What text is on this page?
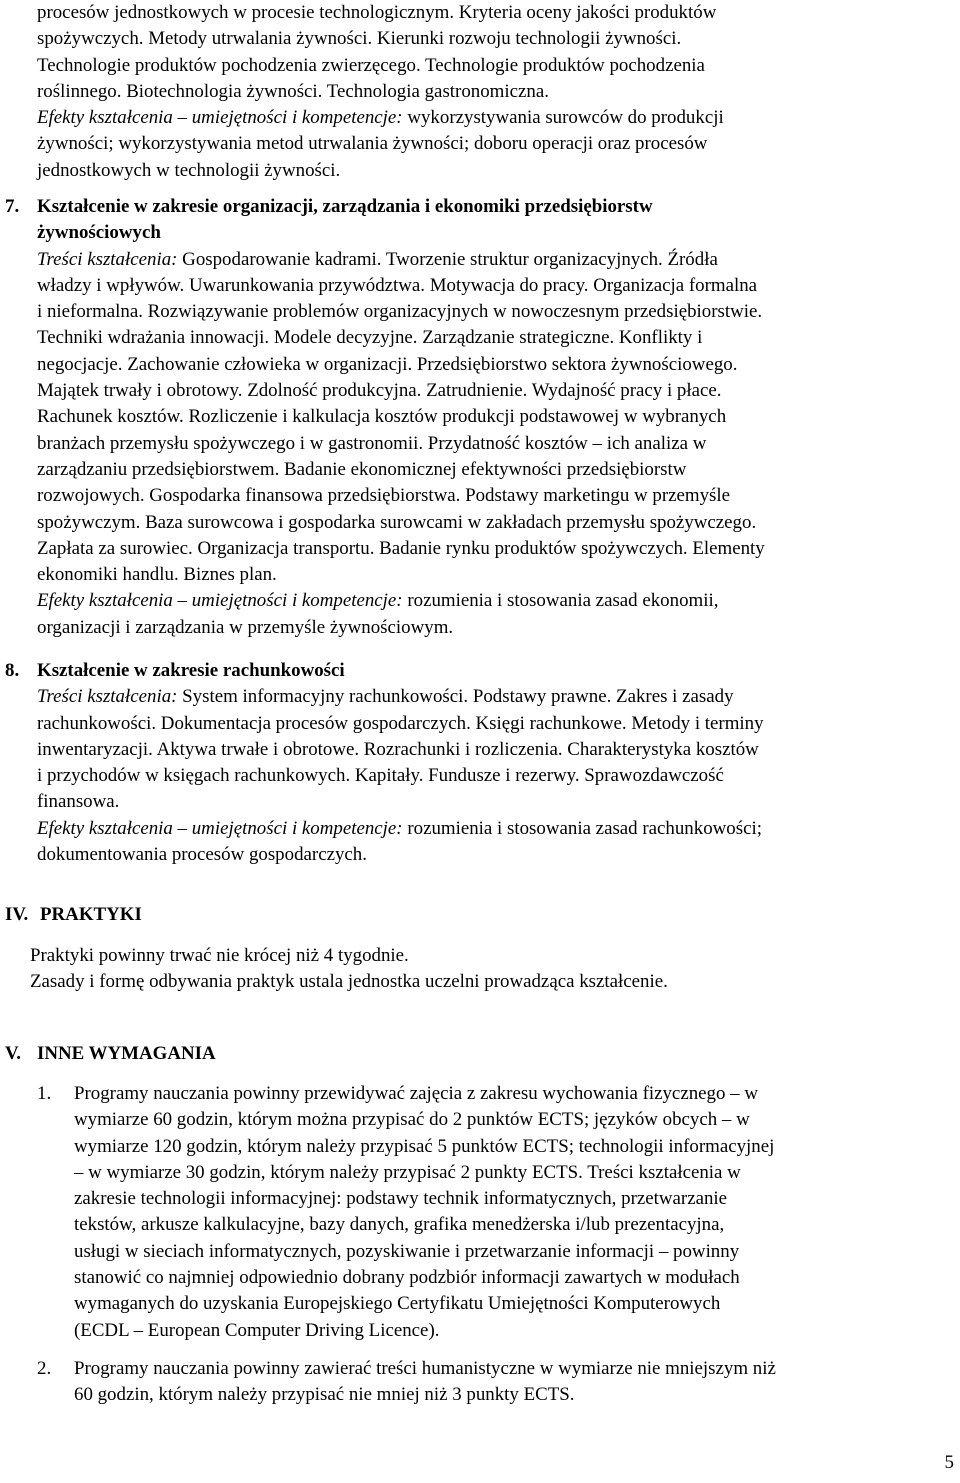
procesów jednostkowych w procesie technologicznym. Kryteria oceny jakości produktów
spożywczych. Metody utrwalania żywności. Kierunki rozwoju technologii żywności.
Technologie produktów pochodzenia zwierzęcego. Technologie produktów pochodzenia
roślinnego. Biotechnologia żywności. Technologia gastronomiczna.
Efekty kształcenia – umiejętności i kompetencje: wykorzystywania surowców do produkcji
żywności; wykorzystywania metod utrwalania żywności; doboru operacji oraz procesów
jednostkowych w technologii żywności.
7. Kształcenie w zakresie organizacji, zarządzania i ekonomiki przedsiębiorstw
żywnościowych
Treści kształcenia: Gospodarowanie kadrami. Tworzenie struktur organizacyjnych. Źródła
władzy i wpływów. Uwarunkowania przywództwa. Motywacja do pracy. Organizacja formalna
i nieformalna. Rozwiązywanie problemów organizacyjnych w nowoczesnym przedsiębiorstwie.
Techniki wdrażania innowacji. Modele decyzyjne. Zarządzanie strategiczne. Konflikty i
negocjacje. Zachowanie człowieka w organizacji. Przedsiębiorstwo sektora żywnościowego.
Majątek trwały i obrotowy. Zdolność produkcyjna. Zatrudnienie. Wydajność pracy i płace.
Rachunek kosztów. Rozliczenie i kalkulacja kosztów produkcji podstawowej w wybranych
branżach przemysłu spożywczego i w gastronomii. Przydatność kosztów – ich analiza w
zarządzaniu przedsiębiorstwem. Badanie ekonomicznej efektywności przedsiębiorstw
rozwojowych. Gospodarka finansowa przedsiębiorstwa. Podstawy marketingu w przemyśle
spożywczym. Baza surowcowa i gospodarka surowcami w zakładach przemysłu spożywczego.
Zapłata za surowiec. Organizacja transportu. Badanie rynku produktów spożywczych. Elementy
ekonomiki handlu. Biznes plan.
Efekty kształcenia – umiejętności i kompetencje: rozumienia i stosowania zasad ekonomii,
organizacji i zarządzania w przemyśle żywnościowym.
8. Kształcenie w zakresie rachunkowości
Treści kształcenia: System informacyjny rachunkowości. Podstawy prawne. Zakres i zasady
rachunkowości. Dokumentacja procesów gospodarczych. Księgi rachunkowe. Metody i terminy
inwentaryzacji. Aktywa trwałe i obrotowe. Rozrachunki i rozliczenia. Charakterystyka kosztów
i przychodów w księgach rachunkowych. Kapitały. Fundusze i rezerwy. Sprawozdawczość
finansowa.
Efekty kształcenia – umiejętności i kompetencje: rozumienia i stosowania zasad rachunkowości;
dokumentowania procesów gospodarczych.
IV. PRAKTYKI
Praktyki powinny trwać nie krócej niż 4 tygodnie.
Zasady i formę odbywania praktyk ustala jednostka uczelni prowadząca kształcenie.
V. INNE WYMAGANIA
1. Programy nauczania powinny przewidywać zajęcia z zakresu wychowania fizycznego – w
wymiarze 60 godzin, którym można przypisać do 2 punktów ECTS; języków obcych – w
wymiarze 120 godzin, którym należy przypisać 5 punktów ECTS; technologii informacyjnej
– w wymiarze 30 godzin, którym należy przypisać 2 punkty ECTS. Treści kształcenia w
zakresie technologii informacyjnej: podstawy technik informatycznych, przetwarzanie
tekstów, arkusze kalkulacyjne, bazy danych, grafika menedżerska i/lub prezentacyjna,
usługi w sieciach informatycznych, pozyskiwanie i przetwarzanie informacji – powinny
stanowić co najmniej odpowiednio dobrany podzbiór informacji zawartych w modułach
wymaganych do uzyskania Europejskiego Certyfikatu Umiejętności Komputerowych
(ECDL – European Computer Driving Licence).
2. Programy nauczania powinny zawierać treści humanistyczne w wymiarze nie mniejszym niż
60 godzin, którym należy przypisać nie mniej niż 3 punkty ECTS.
5
